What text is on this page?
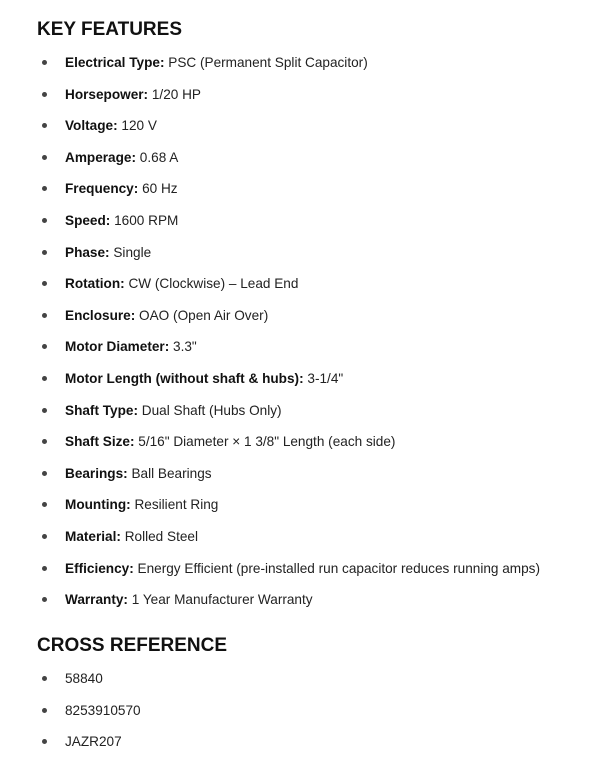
KEY FEATURES
Electrical Type: PSC (Permanent Split Capacitor)
Horsepower: 1/20 HP
Voltage: 120 V
Amperage: 0.68 A
Frequency: 60 Hz
Speed: 1600 RPM
Phase: Single
Rotation: CW (Clockwise) – Lead End
Enclosure: OAO (Open Air Over)
Motor Diameter: 3.3"
Motor Length (without shaft & hubs): 3-1/4"
Shaft Type: Dual Shaft (Hubs Only)
Shaft Size: 5/16" Diameter × 1 3/8" Length (each side)
Bearings: Ball Bearings
Mounting: Resilient Ring
Material: Rolled Steel
Efficiency: Energy Efficient (pre-installed run capacitor reduces running amps)
Warranty: 1 Year Manufacturer Warranty
CROSS REFERENCE
58840
8253910570
JAZR207
